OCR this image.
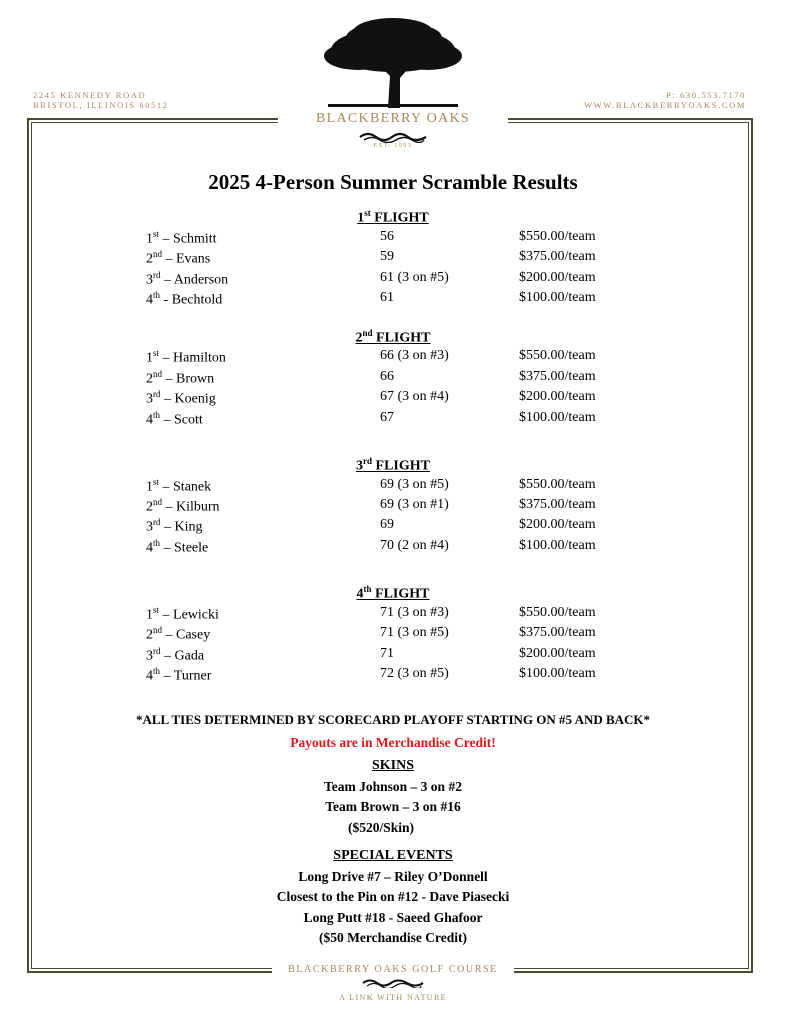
2245 KENNEDY ROAD
BRISTOL, ILLINOIS 60512
P: 630.553.7170
WWW.BLACKBERRYOAKS.COM
BLACKBERRY OAKS
EST. 1993
2025 4-Person Summer Scramble Results
1st FLIGHT
1st – Schmitt	56	$550.00/team
2nd – Evans	59	$375.00/team
3rd – Anderson	61 (3 on #5)	$200.00/team
4th - Bechtold	61	$100.00/team
2nd FLIGHT
1st – Hamilton	66 (3 on #3)	$550.00/team
2nd – Brown	66	$375.00/team
3rd – Koenig	67 (3 on #4)	$200.00/team
4th – Scott	67	$100.00/team
3rd FLIGHT
1st – Stanek	69 (3 on #5)	$550.00/team
2nd – Kilburn	69 (3 on #1)	$375.00/team
3rd – King	69	$200.00/team
4th – Steele	70 (2 on #4)	$100.00/team
4th FLIGHT
1st – Lewicki	71 (3 on #3)	$550.00/team
2nd – Casey	71 (3 on #5)	$375.00/team
3rd – Gada	71	$200.00/team
4th – Turner	72 (3 on #5)	$100.00/team
*ALL TIES DETERMINED BY SCORECARD PLAYOFF STARTING ON #5 AND BACK*
Payouts are in Merchandise Credit!
SKINS
Team Johnson – 3 on #2
Team Brown – 3 on #16
($520/Skin)
SPECIAL EVENTS
Long Drive #7 – Riley O’Donnell
Closest to the Pin on #12 - Dave Piasecki
Long Putt #18 - Saeed Ghafoor
($50 Merchandise Credit)
BLACKBERRY OAKS GOLF COURSE
A LINK WITH NATURE
